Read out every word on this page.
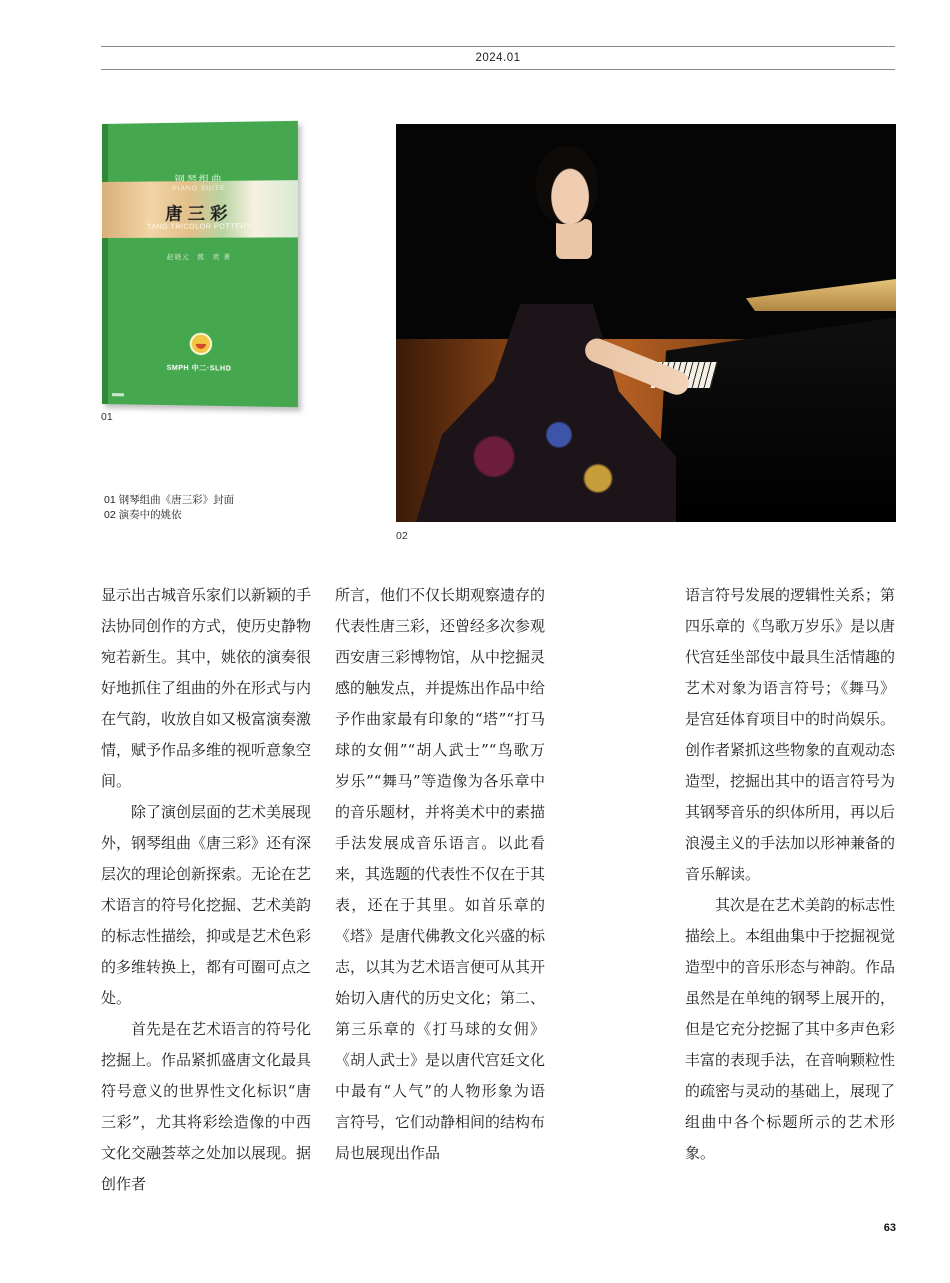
2024.01
PIANO SUITE
唐三彩
TANG TRICOLOR POTTERY
赵晓元　熊　欢 著
SMPH 中二·SLHD
01
01 钢琴组曲《唐三彩》封面
02 演奏中的姚依
02

显示出古城音乐家们以新颖的手法协同创作的方式，使历史静物宛若新生。其中，姚依的演奏很好地抓住了组曲的外在形式与内在气韵，收放自如又极富演奏激情，赋予作品多维的视听意象空间。

除了演创层面的艺术美展现外，钢琴组曲《唐三彩》还有深层次的理论创新探索。无论在艺术语言的符号化挖掘、艺术美韵的标志性描绘，抑或是艺术色彩的多维转换上，都有可圈可点之处。

首先是在艺术语言的符号化挖掘上。作品紧抓盛唐文化最具符号意义的世界性文化标识“唐三彩”，尤其将彩绘造像的中西文化交融荟萃之处加以展现。据创作者

所言，他们不仅长期观察遗存的代表性唐三彩，还曾经多次参观西安唐三彩博物馆，从中挖掘灵感的触发点，并提炼出作品中给予作曲家最有印象的“塔”“打马球的女佣”“胡人武士”“鸟歌万岁乐”“舞马”等造像为各乐章中的音乐题材，并将美术中的素描手法发展成音乐语言。以此看来，其选题的代表性不仅在于其表，还在于其里。如首乐章的《塔》是唐代佛教文化兴盛的标志，以其为艺术语言便可从其开始切入唐代的历史文化；第二、第三乐章的《打马球的女佣》《胡人武士》是以唐代宫廷文化中最有“人气”的人物形象为语言符号，它们动静相间的结构布局也展现出作品

语言符号发展的逻辑性关系；第四乐章的《鸟歌万岁乐》是以唐代宫廷坐部伎中最具生活情趣的艺术对象为语言符号；《舞马》是宫廷体育项目中的时尚娱乐。创作者紧抓这些物象的直观动态造型，挖掘出其中的语言符号为其钢琴音乐的织体所用，再以后浪漫主义的手法加以形神兼备的音乐解读。

其次是在艺术美韵的标志性描绘上。本组曲集中于挖掘视觉造型中的音乐形态与神韵。作品虽然是在单纯的钢琴上展开的，但是它充分挖掘了其中多声色彩丰富的表现手法，在音响颗粒性的疏密与灵动的基础上，展现了组曲中各个标题所示的艺术形象。

63
